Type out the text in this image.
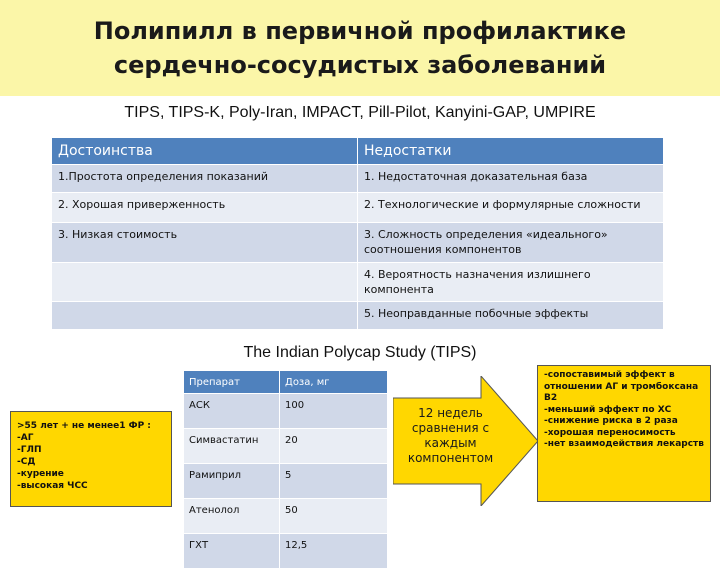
Полипилл в первичной профилактике сердечно-сосудистых заболеваний
TIPS, TIPS-K, Poly-Iran, IMPACT, Pill-Pilot, Kanyini-GAP, UMPIRE
Достоинства	Недостатки
1.Простота определения показаний	1. Недостаточная доказательная база
2. Хорошая приверженность	2. Технологические и формулярные сложности
3. Низкая стоимость	3. Сложность определения «идеального» соотношения компонентов
	4. Вероятность назначения излишнего компонента
	5. Неоправданные побочные эффекты
The Indian Polycap Study (TIPS)
>55 лет + не менее1 ФР :
-АГ
-ГЛП
-СД
-курение
-высокая ЧСС
Препарат	Доза, мг
АСК	100
Симвастатин	20
Рамиприл	5
Атенолол	50
ГХТ	12,5
12 недель сравнения с каждым компонентом
-сопоставимый эффект в отношении АГ и тромбоксана В2
-меньший эффект по ХС
-снижение риска в 2 раза
-хорошая переносимость
-нет взаимодействия лекарств
